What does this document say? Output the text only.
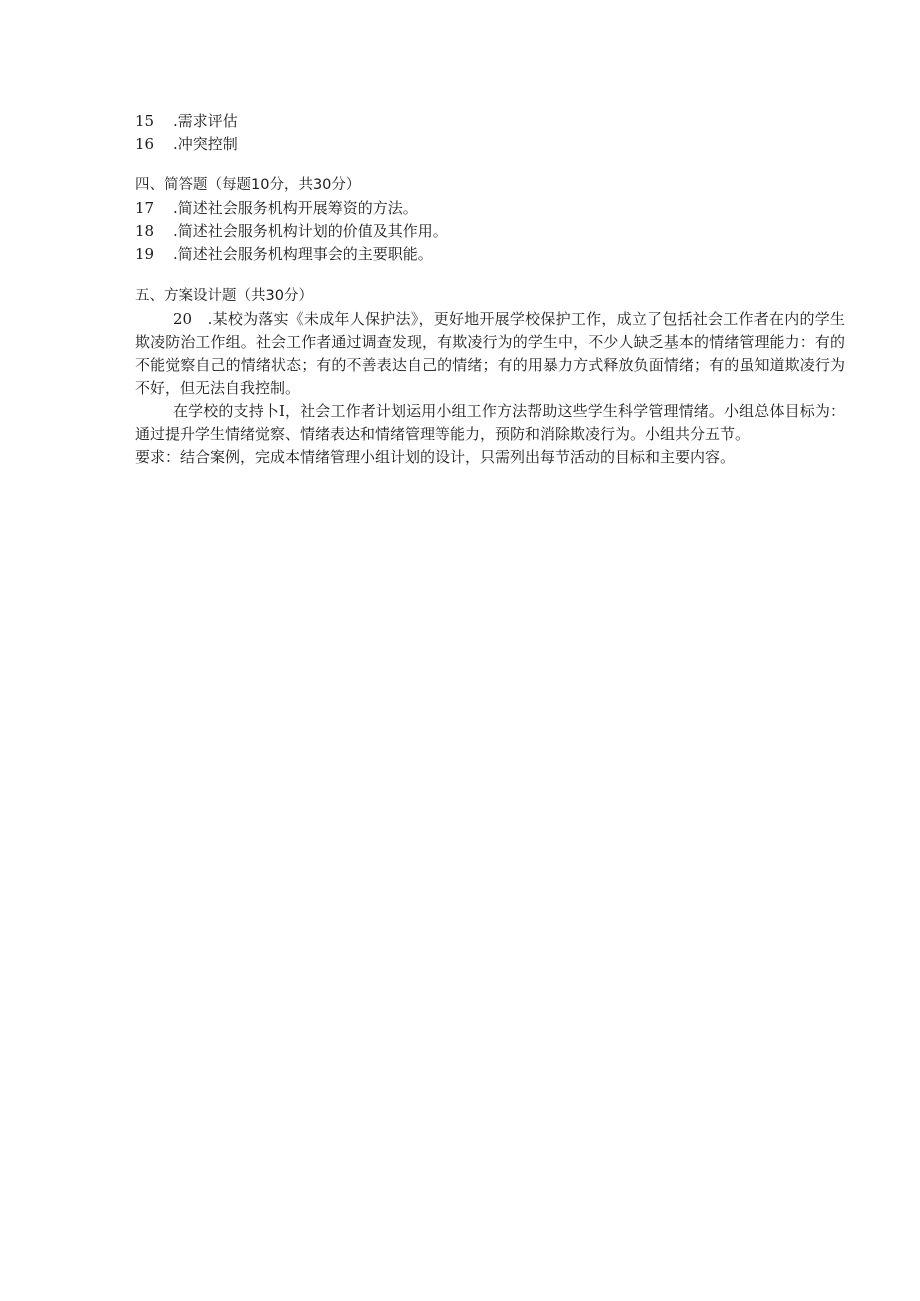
15 .需求评估
16 .冲突控制
四、简答题（每题10分，共30分）
17 .简述社会服务机构开展筹资的方法。
18 .简述社会服务机构计划的价值及其作用。
19 .简述社会服务机构理事会的主要职能。
五、方案设计题（共30分）

20　.某校为落实《未成年人保护法》，更好地开展学校保护工作，成立了包括社会工作者在内的学生欺凌防治工作组。社会工作者通过调查发现，有欺凌行为的学生中，不少人缺乏基本的情绪管理能力：有的不能觉察自己的情绪状态；有的不善表达自己的情绪；有的用暴力方式释放负面情绪；有的虽知道欺凌行为不好，但无法自我控制。

在学校的支持卜I，社会工作者计划运用小组工作方法帮助这些学生科学管理情绪。小组总体目标为：通过提升学生情绪觉察、情绪表达和情绪管理等能力，预防和消除欺凌行为。小组共分五节。

要求：结合案例，完成本情绪管理小组计划的设计，只需列出每节活动的目标和主要内容。
